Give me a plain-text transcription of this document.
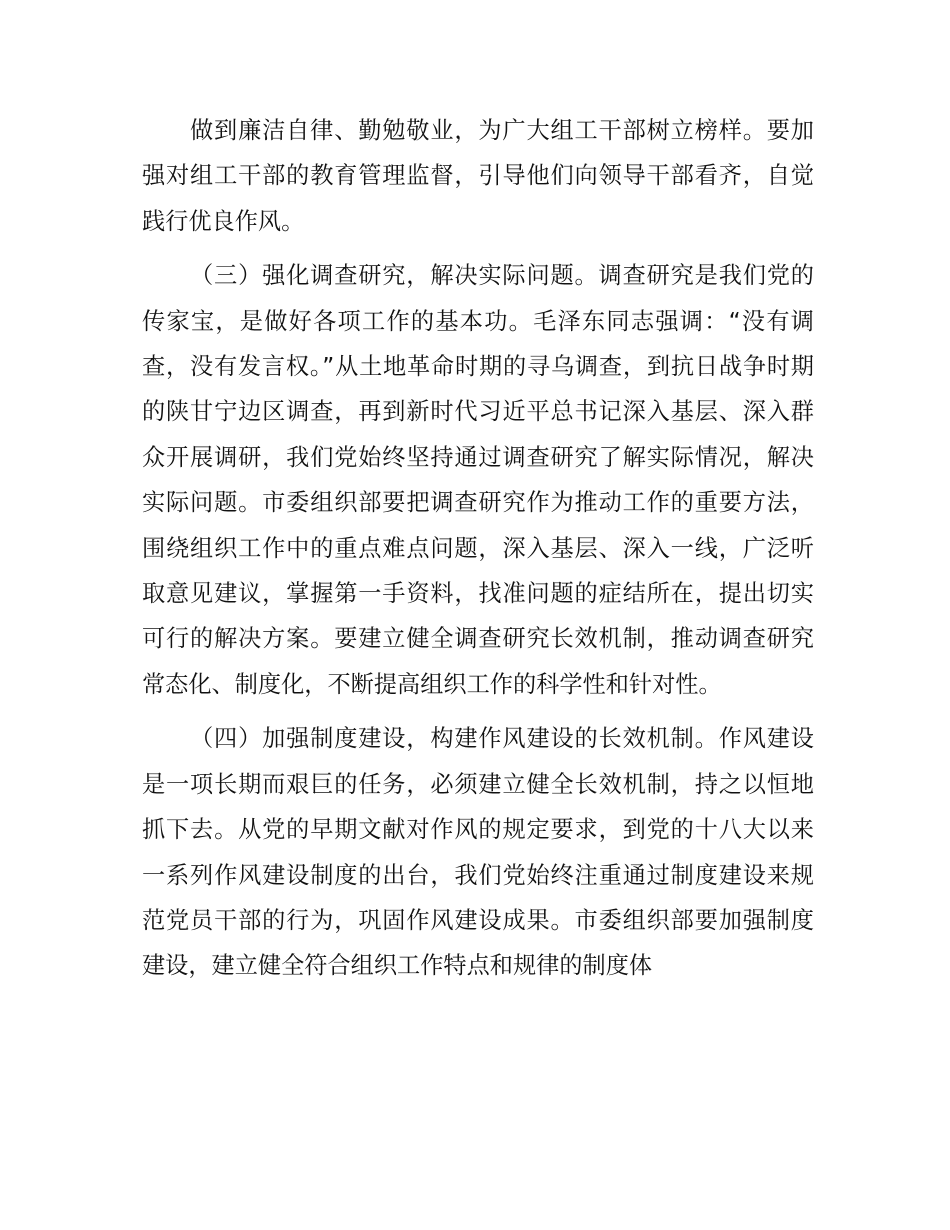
做到廉洁自律、勤勉敬业，为广大组工干部树立榜样。要加强对组工干部的教育管理监督，引导他们向领导干部看齐，自觉践行优良作风。

（三）强化调查研究，解决实际问题。调查研究是我们党的传家宝，是做好各项工作的基本功。毛泽东同志强调：“没有调查，没有发言权。”从土地革命时期的寻乌调查，到抗日战争时期的陕甘宁边区调查，再到新时代习近平总书记深入基层、深入群众开展调研，我们党始终坚持通过调查研究了解实际情况，解决实际问题。市委组织部要把调查研究作为推动工作的重要方法，围绕组织工作中的重点难点问题，深入基层、深入一线，广泛听取意见建议，掌握第一手资料，找准问题的症结所在，提出切实可行的解决方案。要建立健全调查研究长效机制，推动调查研究常态化、制度化，不断提高组织工作的科学性和针对性。

（四）加强制度建设，构建作风建设的长效机制。作风建设是一项长期而艰巨的任务，必须建立健全长效机制，持之以恒地抓下去。从党的早期文献对作风的规定要求，到党的十八大以来一系列作风建设制度的出台，我们党始终注重通过制度建设来规范党员干部的行为，巩固作风建设成果。市委组织部要加强制度建设，建立健全符合组织工作特点和规律的制度体
